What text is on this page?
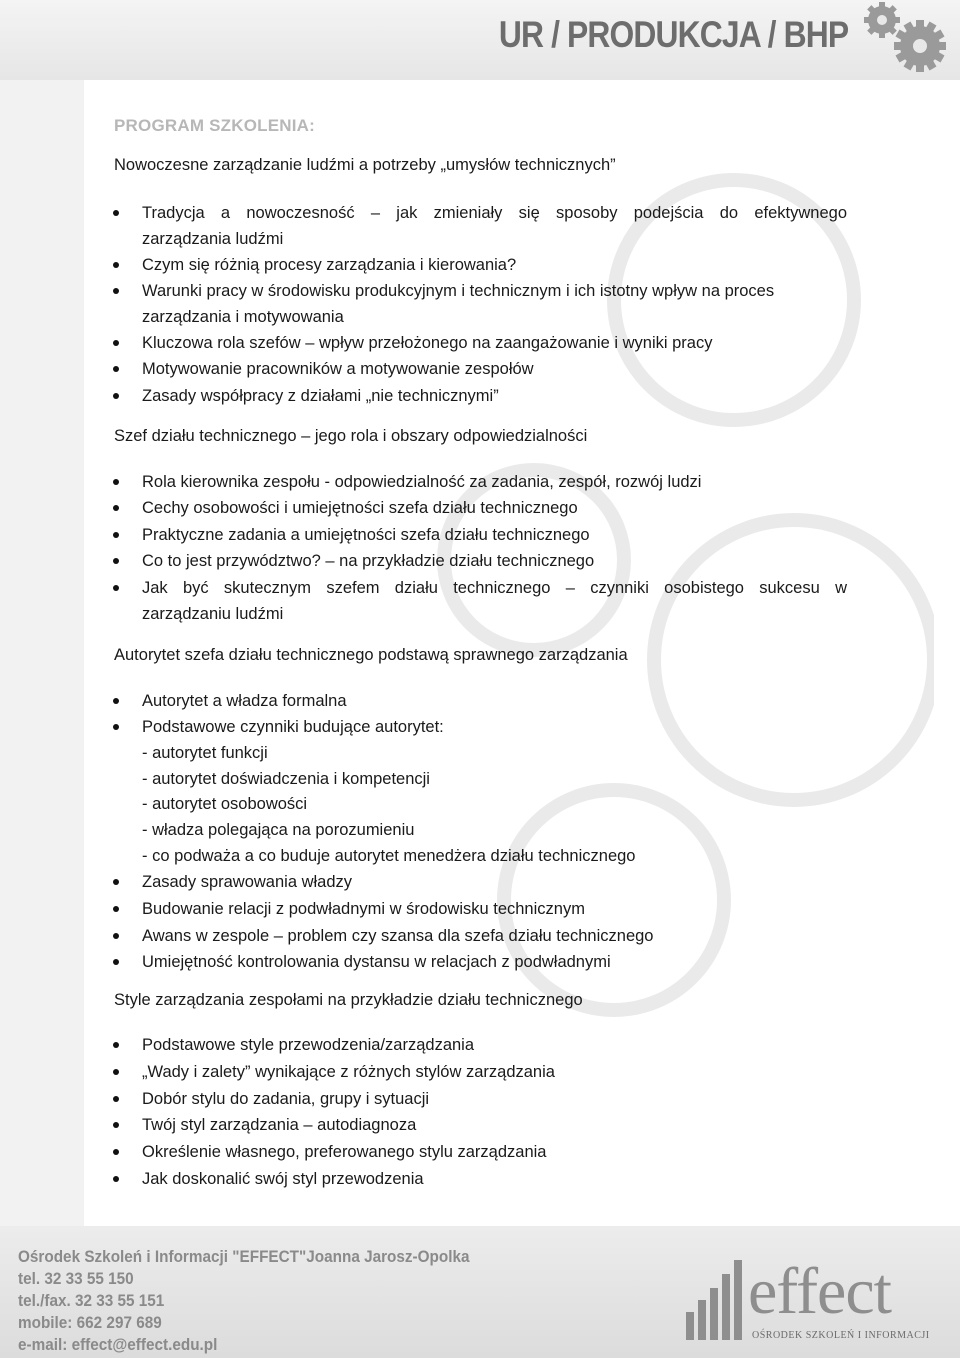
UR / PRODUKCJA / BHP
PROGRAM SZKOLENIA:
Nowoczesne zarządzanie ludźmi a potrzeby „umysłów technicznych”
Tradycja a nowoczesność – jak zmieniały się sposoby podejścia do efektywnego
zarządzania ludźmi
Czym się różnią procesy zarządzania i kierowania?
Warunki pracy w środowisku produkcyjnym i technicznym i ich istotny wpływ na proces
zarządzania i motywowania
Kluczowa rola szefów – wpływ przełożonego na zaangażowanie i wyniki pracy
Motywowanie pracowników a motywowanie zespołów
Zasady współpracy z działami „nie technicznymi”
Szef działu technicznego – jego rola i obszary odpowiedzialności
Rola kierownika zespołu - odpowiedzialność za zadania, zespół, rozwój ludzi
Cechy osobowości i umiejętności szefa działu technicznego
Praktyczne zadania a umiejętności szefa działu technicznego
Co to jest przywództwo? – na przykładzie działu technicznego
Jak być skutecznym szefem działu technicznego – czynniki osobistego sukcesu w
zarządzaniu ludźmi
Autorytet szefa działu technicznego podstawą sprawnego zarządzania
Autorytet a władza formalna
Podstawowe czynniki budujące autorytet:
- autorytet funkcji
- autorytet doświadczenia i kompetencji
- autorytet osobowości
- władza polegająca na porozumieniu
- co podważa a co buduje autorytet menedżera działu technicznego
Zasady sprawowania władzy
Budowanie relacji z podwładnymi w środowisku technicznym
Awans w zespole – problem czy szansa dla szefa działu technicznego
Umiejętność kontrolowania dystansu w relacjach z podwładnymi
Style zarządzania zespołami na przykładzie działu technicznego
Podstawowe style przewodzenia/zarządzania
„Wady i zalety” wynikające z różnych stylów zarządzania
Dobór stylu do zadania, grupy i sytuacji
Twój styl zarządzania – autodiagnoza
Określenie własnego, preferowanego stylu zarządzania
Jak doskonalić swój styl przewodzenia
Ośrodek Szkoleń i Informacji "EFFECT"Joanna Jarosz-Opolka
tel. 32 33 55 150
tel./fax. 32 33 55 151
mobile: 662 297 689
e-mail: effect@effect.edu.pl
effect
OŚRODEK SZKOLEŃ I INFORMACJI
